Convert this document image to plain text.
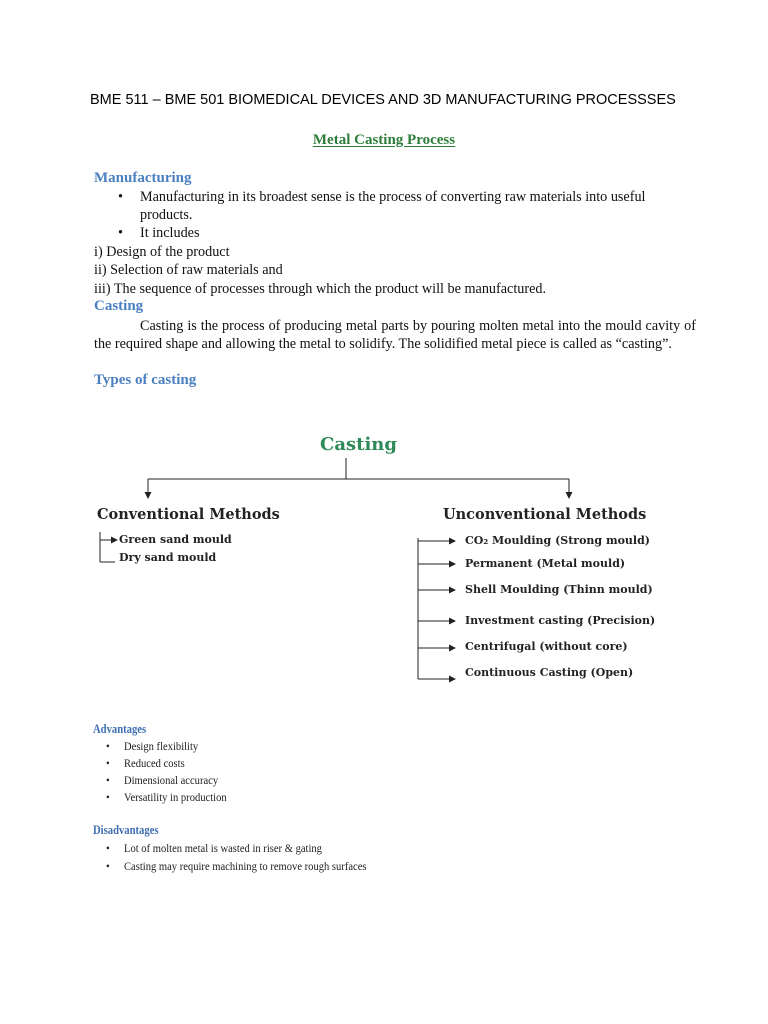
BME 511 – BME 501 BIOMEDICAL DEVICES AND 3D MANUFACTURING PROCESSSES
Metal Casting Process
Manufacturing
• Manufacturing in its broadest sense is the process of converting raw materials into useful
products.
• It includes
i) Design of the product
ii) Selection of raw materials and
iii) The sequence of processes through which the product will be manufactured.
Casting
Casting is the process of producing metal parts by pouring molten metal into the mould cavity of the required shape and allowing the metal to solidify. The solidified metal piece is called as “casting”.
Types of casting
Casting
Conventional Methods	Unconventional Methods
Green sand mould
Dry sand mould
CO₂ Moulding (Strong mould)
Permanent (Metal mould)
Shell Moulding (Thinn mould)
Investment casting (Precision)
Centrifugal (without core)
Continuous Casting (Open)
Advantages
• Design flexibility
• Reduced costs
• Dimensional accuracy
• Versatility in production
Disadvantages
• Lot of molten metal is wasted in riser & gating
• Casting may require machining to remove rough surfaces
